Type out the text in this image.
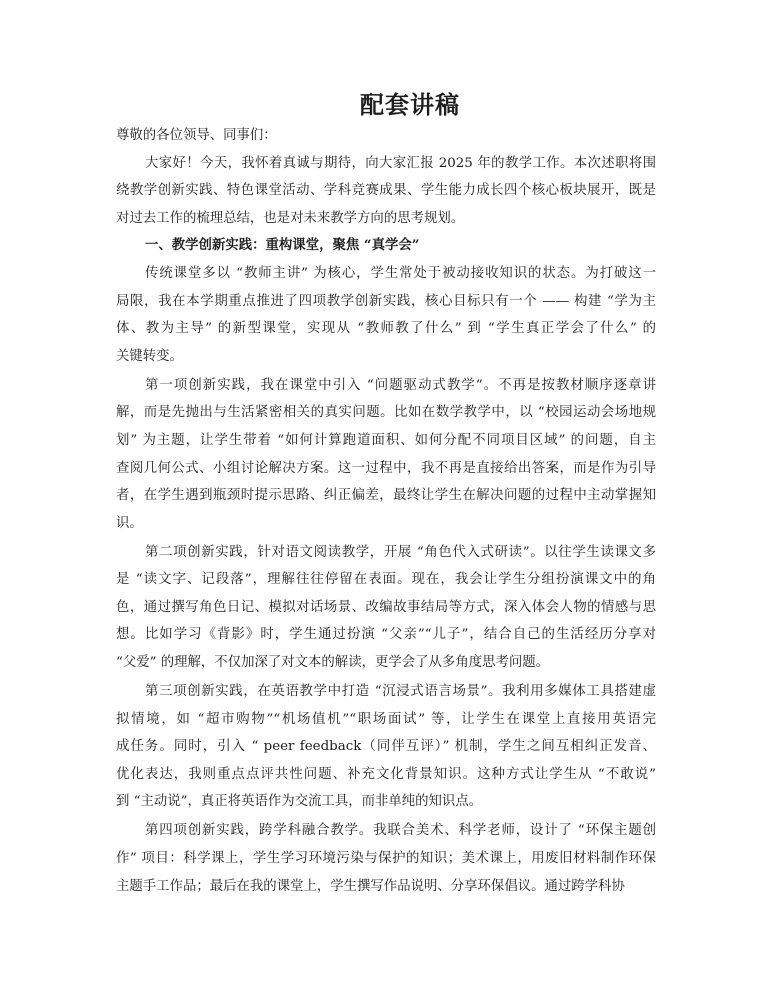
配套讲稿
尊敬的各位领导、同事们：
大家好！今天，我怀着真诚与期待，向大家汇报 2025 年的教学工作。本次述职将围
绕教学创新实践、特色课堂活动、学科竞赛成果、学生能力成长四个核心板块展开，既是
对过去工作的梳理总结，也是对未来教学方向的思考规划。
一、教学创新实践：重构课堂，聚焦 “真学会”
传统课堂多以 “教师主讲” 为核心，学生常处于被动接收知识的状态。为打破这一
局限，我在本学期重点推进了四项教学创新实践，核心目标只有一个 —— 构建 “学为主
体、教为主导” 的新型课堂，实现从 “教师教了什么” 到 “学生真正学会了什么” 的
关键转变。
第一项创新实践，我在课堂中引入 “问题驱动式教学”。不再是按教材顺序逐章讲
解，而是先抛出与生活紧密相关的真实问题。比如在数学教学中，以 “校园运动会场地规
划” 为主题，让学生带着 “如何计算跑道面积、如何分配不同项目区域” 的问题，自主
查阅几何公式、小组讨论解决方案。这一过程中，我不再是直接给出答案，而是作为引导
者，在学生遇到瓶颈时提示思路、纠正偏差，最终让学生在解决问题的过程中主动掌握知
识。
第二项创新实践，针对语文阅读教学，开展 “角色代入式研读”。以往学生读课文多
是 “读文字、记段落”，理解往往停留在表面。现在，我会让学生分组扮演课文中的角
色，通过撰写角色日记、模拟对话场景、改编故事结局等方式，深入体会人物的情感与思
想。比如学习《背影》时，学生通过扮演 “父亲”“儿子”，结合自己的生活经历分享对
“父爱” 的理解，不仅加深了对文本的解读，更学会了从多角度思考问题。
第三项创新实践，在英语教学中打造 “沉浸式语言场景”。我利用多媒体工具搭建虚
拟情境，如 “超市购物”“机场值机”“职场面试” 等，让学生在课堂上直接用英语完
成任务。同时，引入 “ peer feedback（同伴互评）” 机制，学生之间互相纠正发音、
优化表达，我则重点点评共性问题、补充文化背景知识。这种方式让学生从 “不敢说”
到 “主动说”，真正将英语作为交流工具，而非单纯的知识点。
第四项创新实践，跨学科融合教学。我联合美术、科学老师，设计了 “环保主题创
作” 项目：科学课上，学生学习环境污染与保护的知识；美术课上，用废旧材料制作环保
主题手工作品；最后在我的课堂上，学生撰写作品说明、分享环保倡议。通过跨学科协
